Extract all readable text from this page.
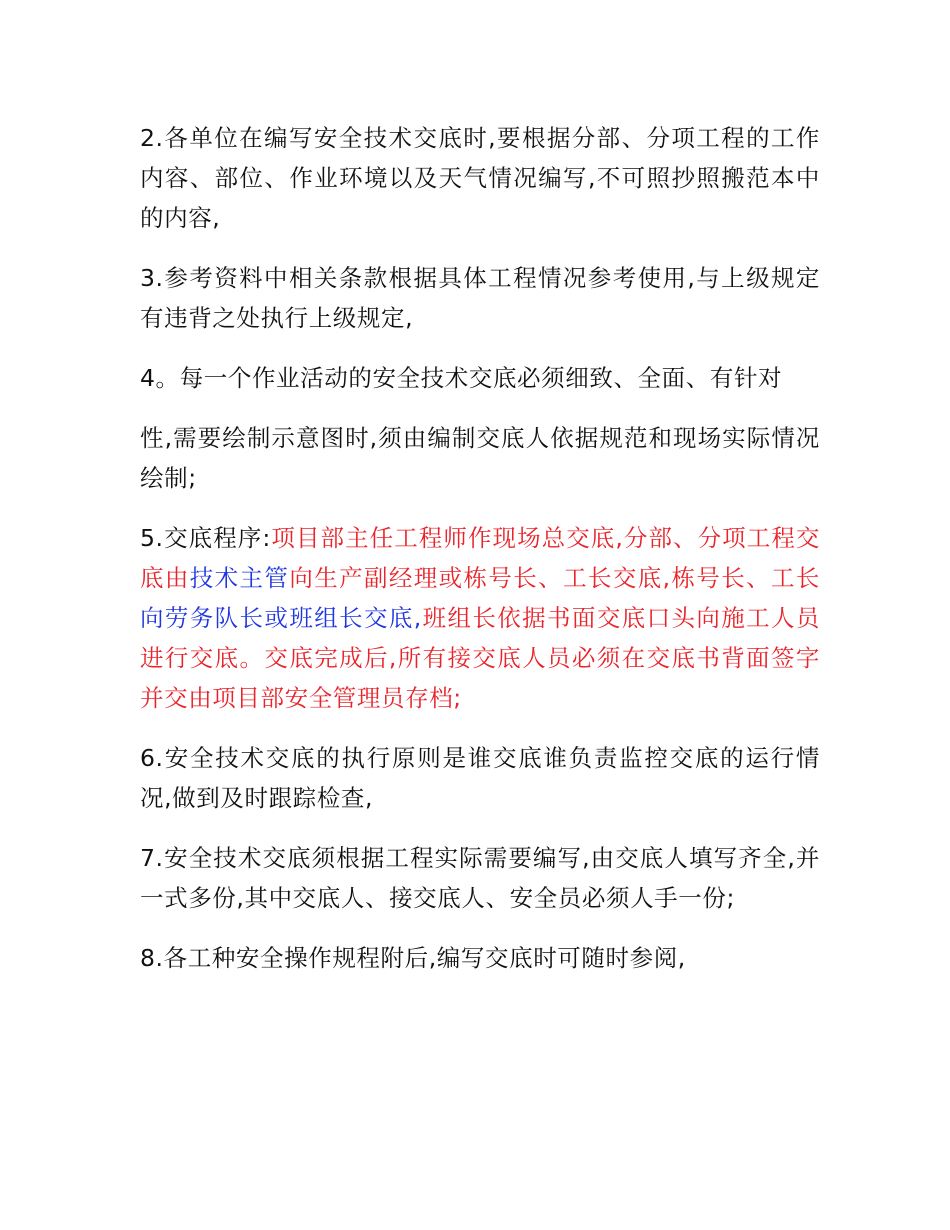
2.各单位在编写安全技术交底时,要根据分部、分项工程的工作内容、部位、作业环境以及天气情况编写,不可照抄照搬范本中的内容,

3.参考资料中相关条款根据具体工程情况参考使用,与上级规定有违背之处执行上级规定,

4。每一个作业活动的安全技术交底必须细致、全面、有针对

性,需要绘制示意图时,须由编制交底人依据规范和现场实际情况绘制;

5.交底程序:项目部主任工程师作现场总交底,分部、分项工程交底由技术主管向生产副经理或栋号长、工长交底,栋号长、工长向劳务队长或班组长交底,班组长依据书面交底口头向施工人员进行交底。交底完成后,所有接交底人员必须在交底书背面签字并交由项目部安全管理员存档;

6.安全技术交底的执行原则是谁交底谁负责监控交底的运行情况,做到及时跟踪检查,

7.安全技术交底须根据工程实际需要编写,由交底人填写齐全,并一式多份,其中交底人、接交底人、安全员必须人手一份;

8.各工种安全操作规程附后,编写交底时可随时参阅,
